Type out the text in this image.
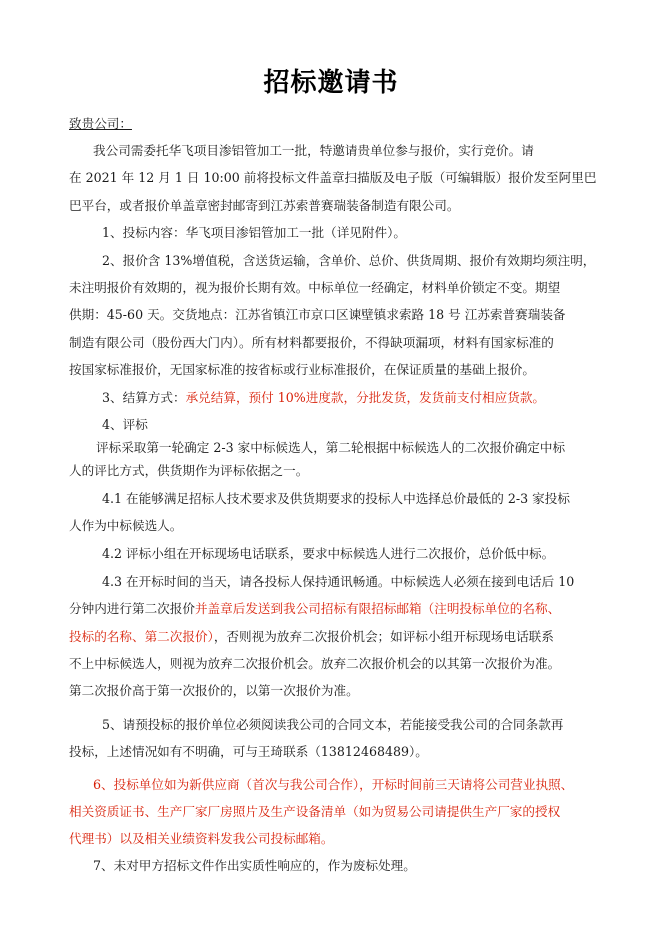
招标邀请书
致贵公司：
我公司需委托华飞项目渗铝管加工一批，特邀请贵单位参与报价，实行竞价。请
在 2021 年 12 月 1 日 10:00 前将投标文件盖章扫描版及电子版（可编辑版）报价发至阿里巴
巴平台，或者报价单盖章密封邮寄到江苏索普赛瑞装备制造有限公司。
1、投标内容：华飞项目渗铝管加工一批（详见附件）。
2、报价含 13%增值税，含送货运输，含单价、总价、供货周期、报价有效期均须注明，
未注明报价有效期的，视为报价长期有效。中标单位一经确定，材料单价锁定不变。期望
供期：45-60 天。交货地点：江苏省镇江市京口区谏壁镇求索路 18 号 江苏索普赛瑞装备
制造有限公司（股份西大门内）。所有材料都要报价，不得缺项漏项，材料有国家标准的
按国家标准报价，无国家标准的按省标或行业标准报价，在保证质量的基础上报价。
3、结算方式：承兑结算，预付 10%进度款，分批发货，发货前支付相应货款。
4、评标
评标采取第一轮确定 2-3 家中标候选人，第二轮根据中标候选人的二次报价确定中标
人的评比方式，供货期作为评标依据之一。
4.1 在能够满足招标人技术要求及供货期要求的投标人中选择总价最低的 2-3 家投标
人作为中标候选人。
4.2 评标小组在开标现场电话联系，要求中标候选人进行二次报价，总价低中标。
4.3 在开标时间的当天，请各投标人保持通讯畅通。中标候选人必须在接到电话后 10
分钟内进行第二次报价并盖章后发送到我公司招标有限招标邮箱（注明投标单位的名称、
投标的名称、第二次报价），否则视为放弃二次报价机会；如评标小组开标现场电话联系
不上中标候选人，则视为放弃二次报价机会。放弃二次报价机会的以其第一次报价为准。
第二次报价高于第一次报价的，以第一次报价为准。
5、请预投标的报价单位必须阅读我公司的合同文本，若能接受我公司的合同条款再
投标，上述情况如有不明确，可与王琦联系（13812468489）。
6、投标单位如为新供应商（首次与我公司合作），开标时间前三天请将公司营业执照、
相关资质证书、生产厂家厂房照片及生产设备清单（如为贸易公司请提供生产厂家的授权
代理书）以及相关业绩资料发我公司投标邮箱。
7、未对甲方招标文件作出实质性响应的，作为废标处理。
